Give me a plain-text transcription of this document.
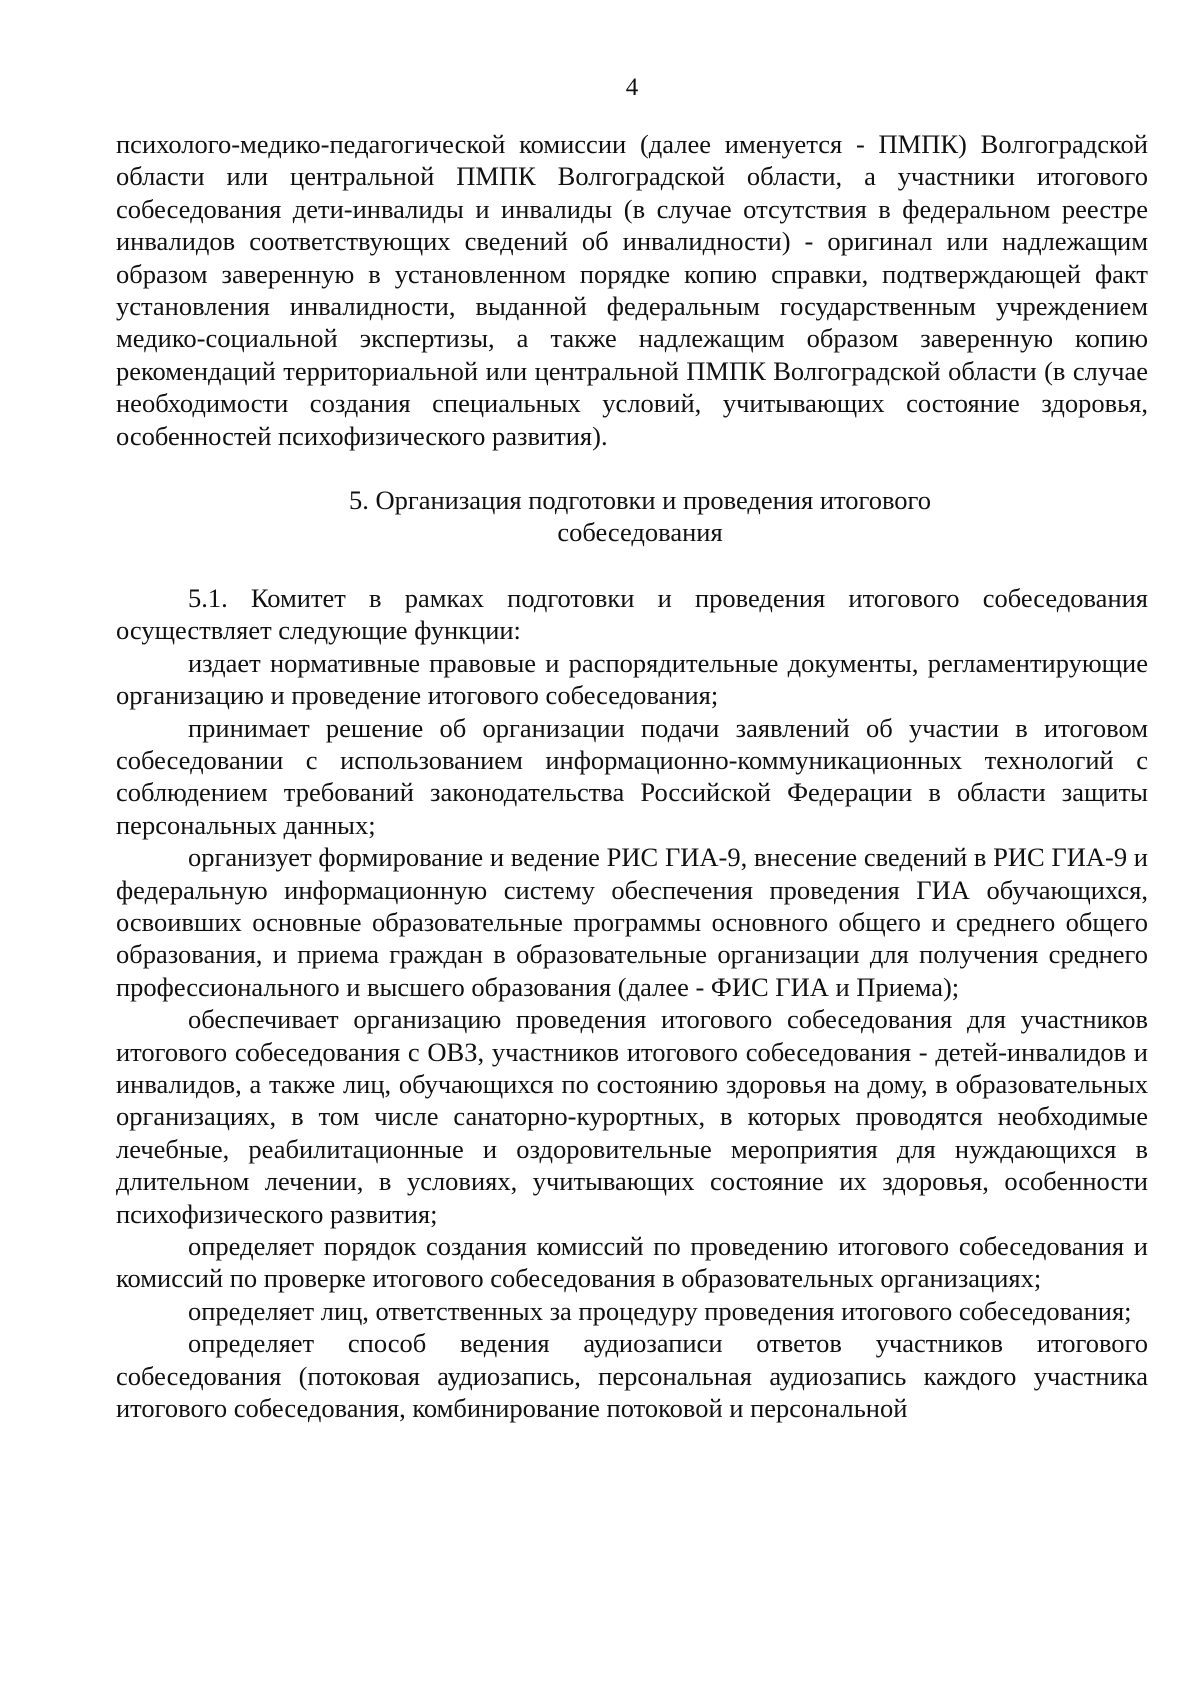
4

психолого-медико-педагогической комиссии (далее именуется - ПМПК) Волгоградской области или центральной ПМПК Волгоградской области, а участники итогового собеседования дети-инвалиды и инвалиды (в случае отсутствия в федеральном реестре инвалидов соответствующих сведений об инвалидности) - оригинал или надлежащим образом заверенную в установленном порядке копию справки, подтверждающей факт установления инвалидности, выданной федеральным государственным учреждением медико-социальной экспертизы, а также надлежащим образом заверенную копию рекомендаций территориальной или центральной ПМПК Волгоградской области (в случае необходимости создания специальных условий, учитывающих состояние здоровья, особенностей психофизического развития).

5. Организация подготовки и проведения итогового
собеседования

5.1. Комитет в рамках подготовки и проведения итогового собеседования осуществляет следующие функции:

издает нормативные правовые и распорядительные документы, регламентирующие организацию и проведение итогового собеседования;

принимает решение об организации подачи заявлений об участии в итоговом собеседовании с использованием информационно-коммуникационных технологий с соблюдением требований законодательства Российской Федерации в области защиты персональных данных;

организует формирование и ведение РИС ГИА-9, внесение сведений в РИС ГИА-9 и федеральную информационную систему обеспечения проведения ГИА обучающихся, освоивших основные образовательные программы основного общего и среднего общего образования, и приема граждан в образовательные организации для получения среднего профессионального и высшего образования (далее - ФИС ГИА и Приема);

обеспечивает организацию проведения итогового собеседования для участников итогового собеседования с ОВЗ, участников итогового собеседования - детей-инвалидов и инвалидов, а также лиц, обучающихся по состоянию здоровья на дому, в образовательных организациях, в том числе санаторно-курортных, в которых проводятся необходимые лечебные, реабилитационные и оздоровительные мероприятия для нуждающихся в длительном лечении, в условиях, учитывающих состояние их здоровья, особенности психофизического развития;

определяет порядок создания комиссий по проведению итогового собеседования и комиссий по проверке итогового собеседования в образовательных организациях;

определяет лиц, ответственных за процедуру проведения итогового собеседования;

определяет способ ведения аудиозаписи ответов участников итогового собеседования (потоковая аудиозапись, персональная аудиозапись каждого участника итогового собеседования, комбинирование потоковой и персональной
